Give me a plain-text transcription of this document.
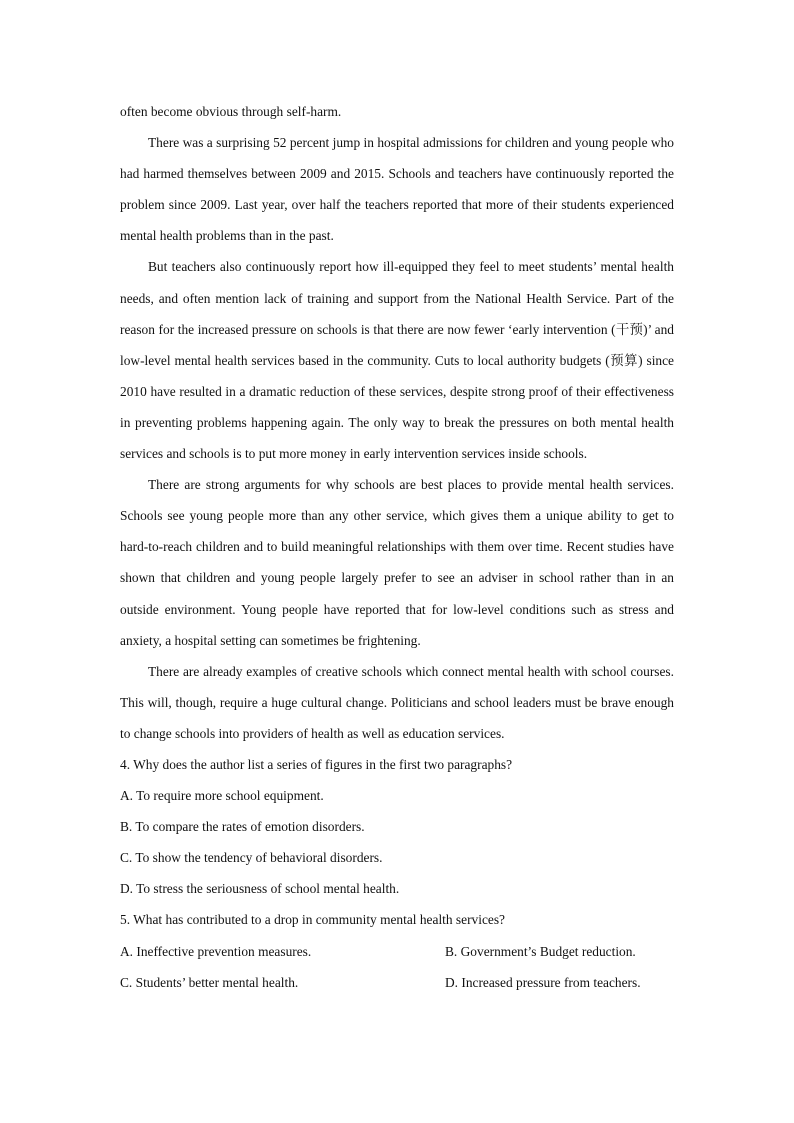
often become obvious through self-harm.

There was a surprising 52 percent jump in hospital admissions for children and young people who had harmed themselves between 2009 and 2015. Schools and teachers have continuously reported the problem since 2009. Last year, over half the teachers reported that more of their students experienced mental health problems than in the past.

But teachers also continuously report how ill-equipped they feel to meet students’ mental health needs, and often mention lack of training and support from the National Health Service. Part of the reason for the increased pressure on schools is that there are now fewer ‘early intervention (干预)’ and low-level mental health services based in the community. Cuts to local authority budgets (预算) since 2010 have resulted in a dramatic reduction of these services, despite strong proof of their effectiveness in preventing problems happening again. The only way to break the pressures on both mental health services and schools is to put more money in early intervention services inside schools.

There are strong arguments for why schools are best places to provide mental health services. Schools see young people more than any other service, which gives them a unique ability to get to hard-to-reach children and to build meaningful relationships with them over time. Recent studies have shown that children and young people largely prefer to see an adviser in school rather than in an outside environment. Young people have reported that for low-level conditions such as stress and anxiety, a hospital setting can sometimes be frightening.

There are already examples of creative schools which connect mental health with school courses. This will, though, require a huge cultural change. Politicians and school leaders must be brave enough to change schools into providers of health as well as education services.

4. Why does the author list a series of figures in the first two paragraphs?

A. To require more school equipment.

B. To compare the rates of emotion disorders.

C. To show the tendency of behavioral disorders.

D. To stress the seriousness of school mental health.

5. What has contributed to a drop in community mental health services?

A. Ineffective prevention measures.	B. Government’s Budget reduction.
C. Students’ better mental health.	D. Increased pressure from teachers.
